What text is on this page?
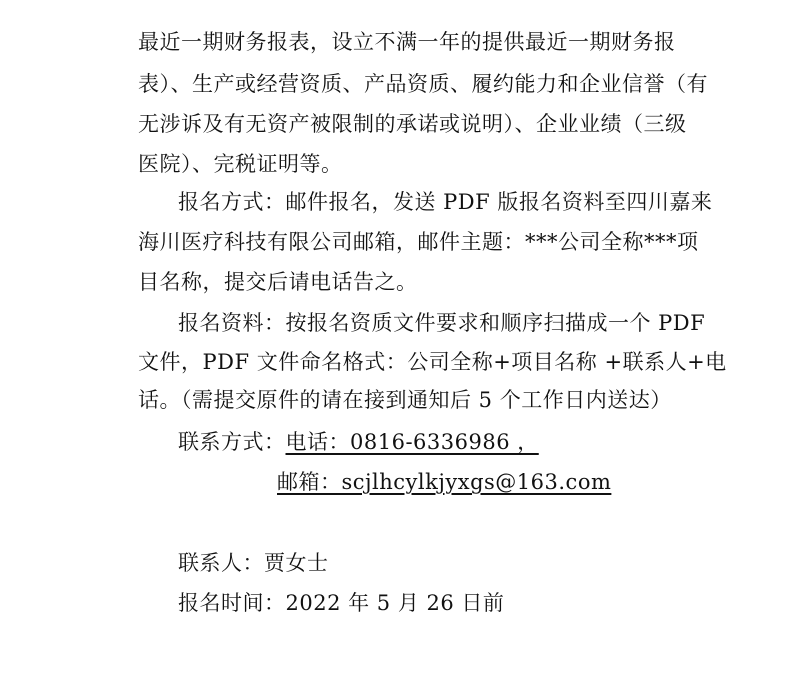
最近一期财务报表，设立不满一年的提供最近一期财务报
表）、生产或经营资质、产品资质、履约能力和企业信誉（有
无涉诉及有无资产被限制的承诺或说明）、企业业绩（三级
医院）、完税证明等。
报名方式：邮件报名，发送 PDF 版报名资料至四川嘉来
海川医疗科技有限公司邮箱，邮件主题：***公司全称***项
目名称，提交后请电话告之。
报名资料：按报名资质文件要求和顺序扫描成一个 PDF
文件，PDF 文件命名格式：公司全称+项目名称 +联系人+电
话。（需提交原件的请在接到通知后 5 个工作日内送达）
联系方式：电话：0816-6336986 ，
邮箱：scjlhcylkjyxgs@163.com
联系人：贾女士
报名时间：2022 年 5 月 26 日前
